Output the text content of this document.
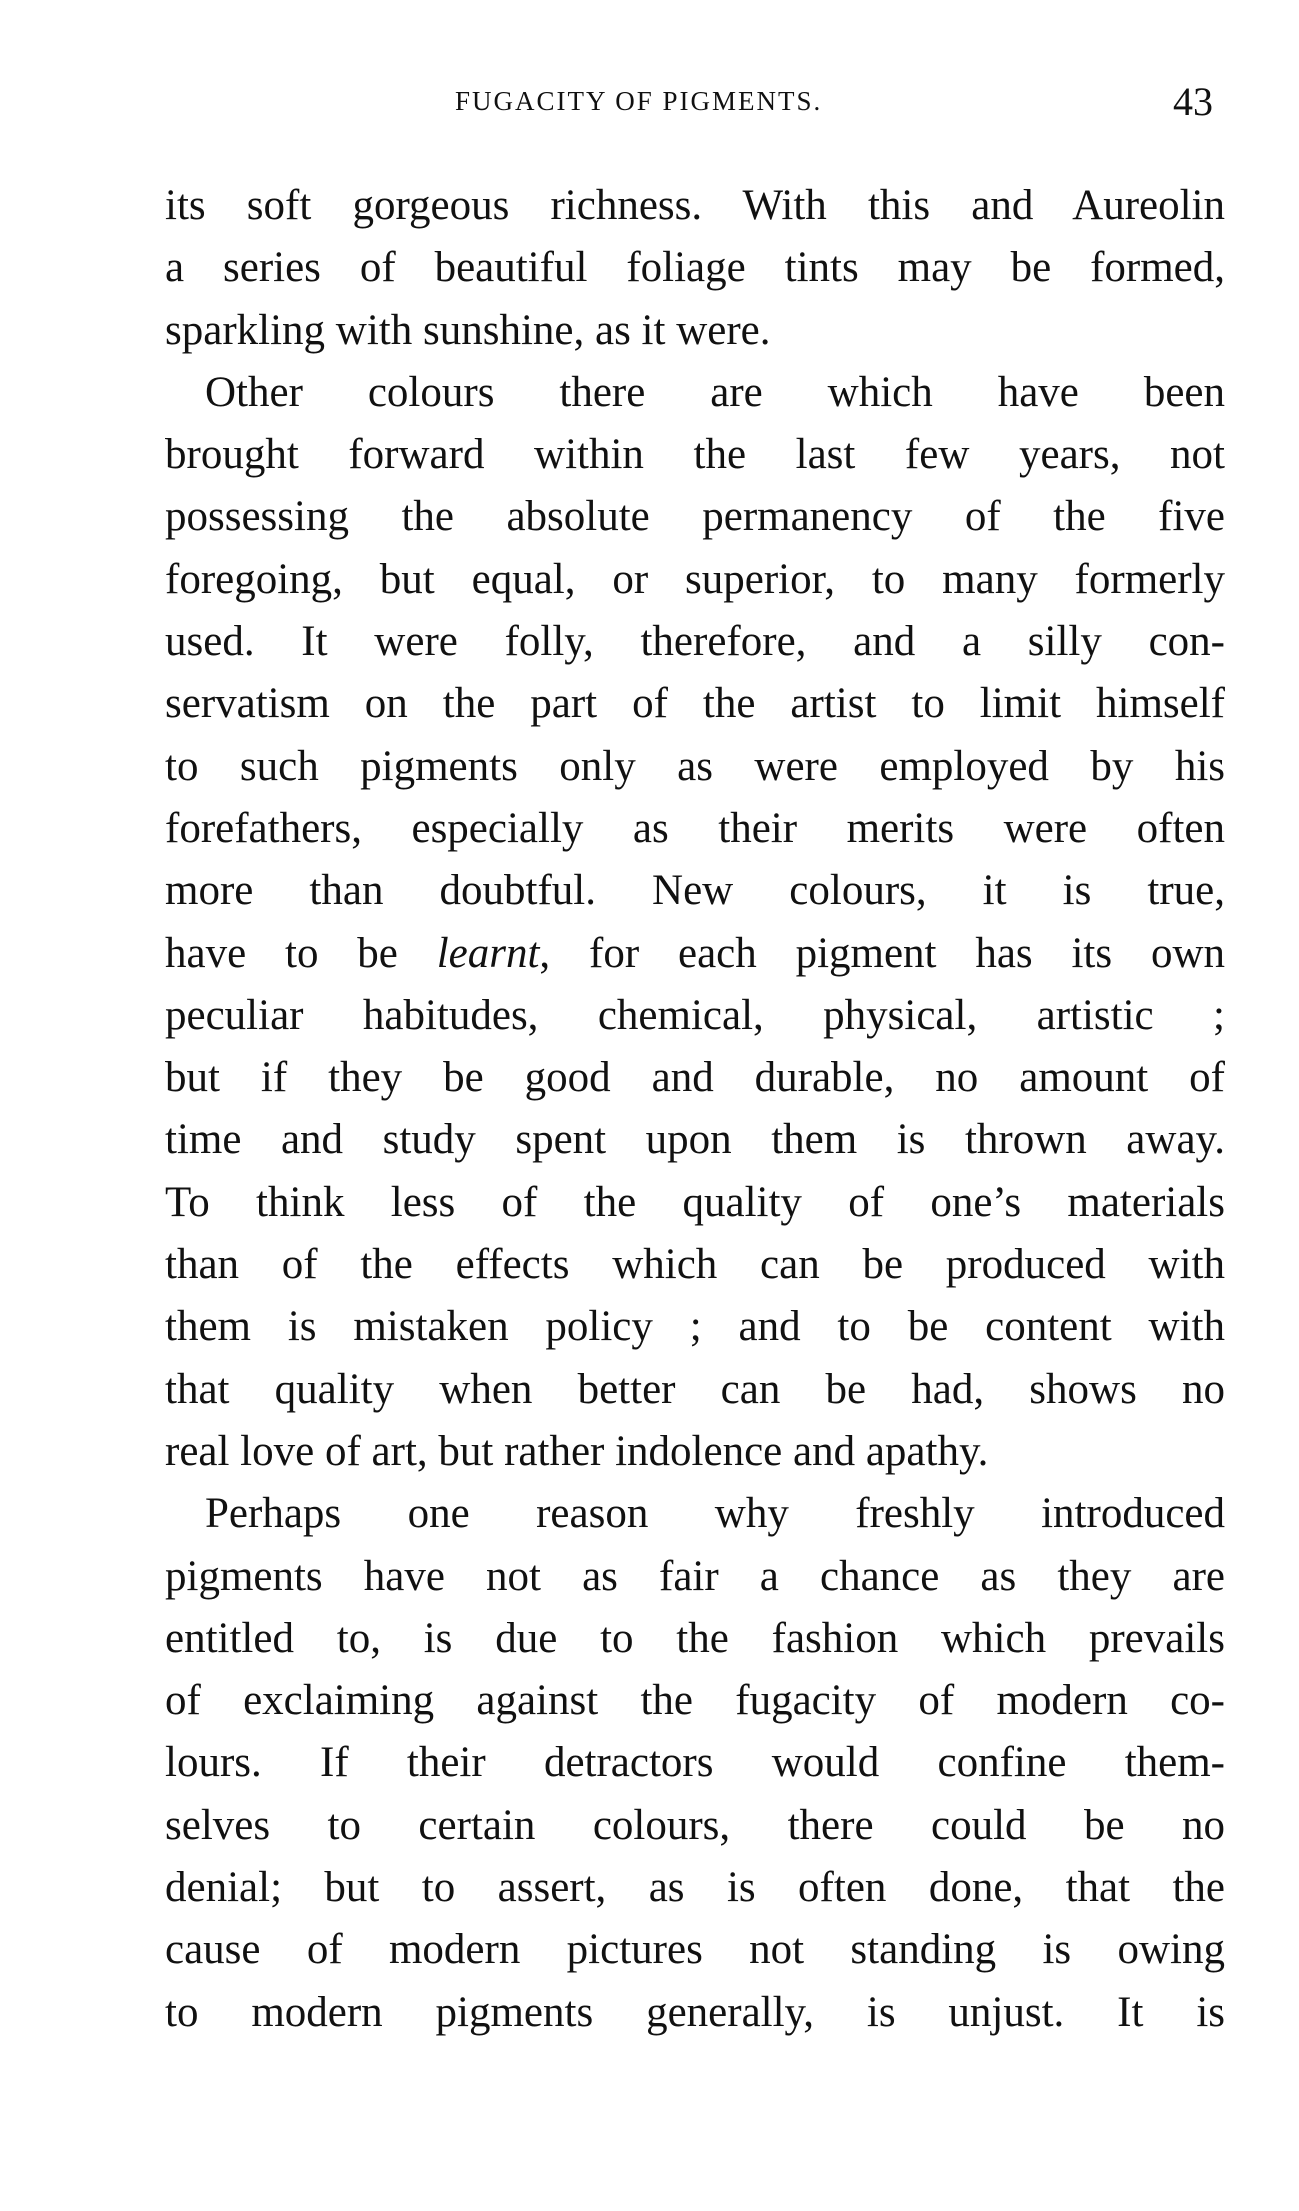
FUGACITY OF PIGMENTS.	43
its soft gorgeous richness. With this and Aureolin
a series of beautiful foliage tints may be formed,
sparkling with sunshine, as it were.
Other colours there are which have been
brought forward within the last few years, not
possessing the absolute permanency of the five
foregoing, but equal, or superior, to many formerly
used. It were folly, therefore, and a silly con-
servatism on the part of the artist to limit himself
to such pigments only as were employed by his
forefathers, especially as their merits were often
more than doubtful. New colours, it is true,
have to be learnt, for each pigment has its own
peculiar habitudes, chemical, physical, artistic ;
but if they be good and durable, no amount of
time and study spent upon them is thrown away.
To think less of the quality of one’s materials
than of the effects which can be produced with
them is mistaken policy ; and to be content with
that quality when better can be had, shows no
real love of art, but rather indolence and apathy.
Perhaps one reason why freshly introduced
pigments have not as fair a chance as they are
entitled to, is due to the fashion which prevails
of exclaiming against the fugacity of modern co-
lours. If their detractors would confine them-
selves to certain colours, there could be no
denial; but to assert, as is often done, that the
cause of modern pictures not standing is owing
to modern pigments generally, is unjust. It is
